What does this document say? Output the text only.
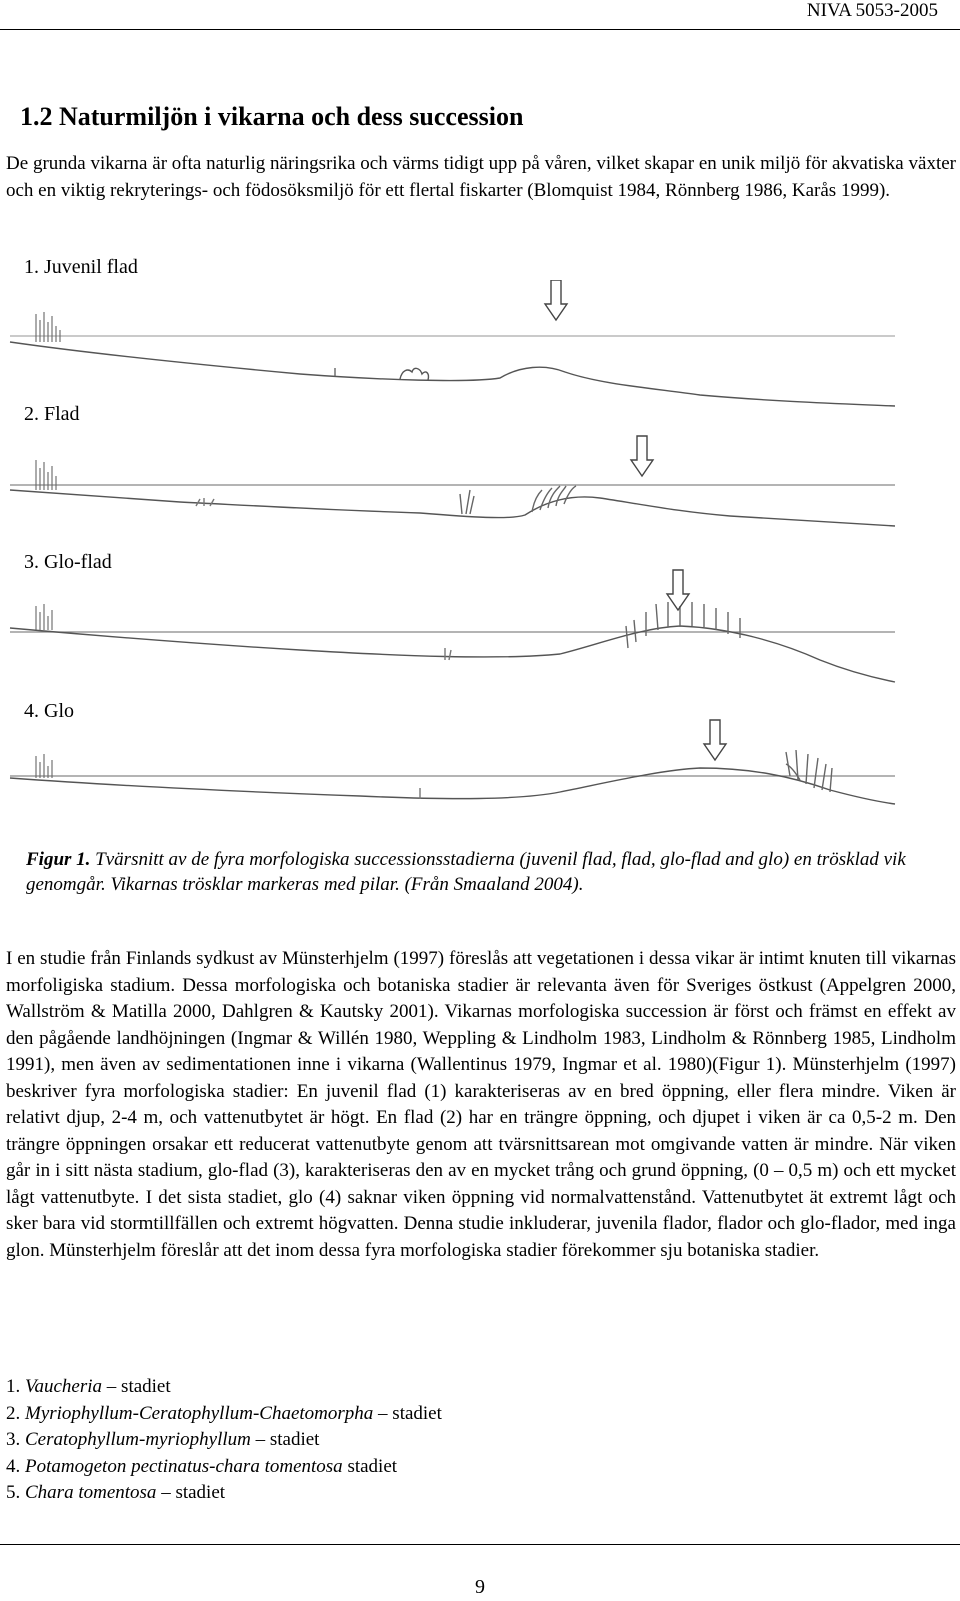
NIVA 5053-2005
1.2 Naturmiljön i vikarna och dess succession
De grunda vikarna är ofta naturlig näringsrika och värms tidigt upp på våren, vilket skapar en unik miljö för akvatiska växter och en viktig rekryterings- och födosöksmiljö för ett flertal fiskarter (Blomquist 1984, Rönnberg 1986, Karås 1999).
1. Juvenil flad
2. Flad
3. Glo-flad
4. Glo
Figur 1. Tvärsnitt av de fyra morfologiska successionsstadierna (juvenil flad, flad, glo-flad and glo) en trösklad vik genomgår. Vikarnas trösklar markeras med pilar. (Från Smaaland 2004).
I en studie från Finlands sydkust av Münsterhjelm (1997) föreslås att vegetationen i dessa vikar är intimt knuten till vikarnas morfoligiska stadium. Dessa morfologiska och botaniska stadier är relevanta även för Sveriges östkust (Appelgren 2000, Wallström & Matilla 2000, Dahlgren & Kautsky 2001). Vikarnas morfologiska succession är först och främst en effekt av den pågående landhöjningen (Ingmar & Willén 1980, Weppling & Lindholm 1983, Lindholm & Rönnberg 1985, Lindholm 1991), men även av sedimentationen inne i vikarna (Wallentinus 1979, Ingmar et al. 1980)(Figur 1). Münsterhjelm (1997) beskriver fyra morfologiska stadier: En juvenil flad (1) karakteriseras av en bred öppning, eller flera mindre. Viken är relativt djup, 2-4 m, och vattenutbytet är högt. En flad (2) har en trängre öppning, och djupet i viken är ca 0,5-2 m. Den trängre öppningen orsakar ett reducerat vattenutbyte genom att tvärsnittsarean mot omgivande vatten är mindre. När viken går in i sitt nästa stadium, glo-flad (3), karakteriseras den av en mycket trång och grund öppning, (0 – 0,5 m) och ett mycket lågt vattenutbyte. I det sista stadiet, glo (4) saknar viken öppning vid normalvattenstånd. Vattenutbytet ät extremt lågt och sker bara vid stormtillfällen och extremt högvatten. Denna studie inkluderar, juvenila flador, flador och glo-flador, med inga glon. Münsterhjelm föreslår att det inom dessa fyra morfologiska stadier förekommer sju botaniska stadier.
1. Vaucheria – stadiet
2. Myriophyllum-Ceratophyllum-Chaetomorpha – stadiet
3. Ceratophyllum-myriophyllum – stadiet
4. Potamogeton pectinatus-chara tomentosa stadiet
5. Chara tomentosa – stadiet
9
